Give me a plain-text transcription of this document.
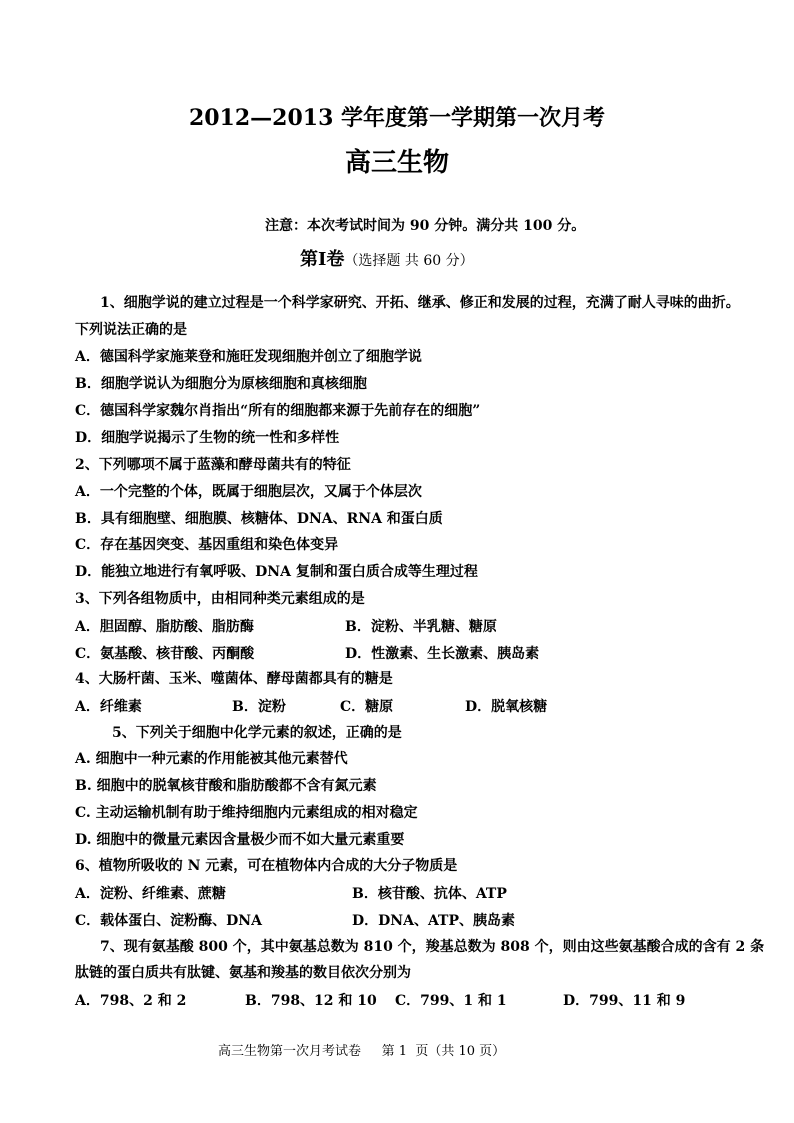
2012—2013 学年度第一学期第一次月考
高三生物
注意：本次考试时间为 90 分钟。满分共 100 分。
第Ⅰ卷（选择题 共 60 分）
1、细胞学说的建立过程是一个科学家研究、开拓、继承、修正和发展的过程，充满了耐人寻味的曲折。
下列说法正确的是
A．德国科学家施莱登和施旺发现细胞并创立了细胞学说
B．细胞学说认为细胞分为原核细胞和真核细胞
C．德国科学家魏尔肖指出“所有的细胞都来源于先前存在的细胞”
D．细胞学说揭示了生物的统一性和多样性
2、下列哪项不属于蓝藻和酵母菌共有的特征
A．一个完整的个体，既属于细胞层次，又属于个体层次
B．具有细胞壁、细胞膜、核糖体、DNA、RNA 和蛋白质
C．存在基因突变、基因重组和染色体变异
D．能独立地进行有氧呼吸、DNA 复制和蛋白质合成等生理过程
3、下列各组物质中，由相同种类元素组成的是
A．胆固醇、脂肪酸、脂肪酶	B．淀粉、半乳糖、糖原
C．氨基酸、核苷酸、丙酮酸	D．性激素、生长激素、胰岛素
4、大肠杆菌、玉米、噬菌体、酵母菌都具有的糖是
A．纤维素	B．淀粉	C．糖原	D．脱氧核糖
5、下列关于细胞中化学元素的叙述，正确的是
A. 细胞中一种元素的作用能被其他元素替代
B. 细胞中的脱氧核苷酸和脂肪酸都不含有氮元素
C. 主动运输机制有助于维持细胞内元素组成的相对稳定
D. 细胞中的微量元素因含量极少而不如大量元素重要
6、植物所吸收的 N 元素，可在植物体内合成的大分子物质是
A．淀粉、纤维素、蔗糖	B．核苷酸、抗体、ATP
C．载体蛋白、淀粉酶、DNA	D．DNA、ATP、胰岛素
7、现有氨基酸 800 个，其中氨基总数为 810 个，羧基总数为 808 个，则由这些氨基酸合成的含有 2 条
肽链的蛋白质共有肽键、氨基和羧基的数目依次分别为
A．798、2 和 2	B．798、12 和 10 C．799、1 和 1	D．799、11 和 9
高三生物第一次月考试卷     第 1  页（共 10 页）
